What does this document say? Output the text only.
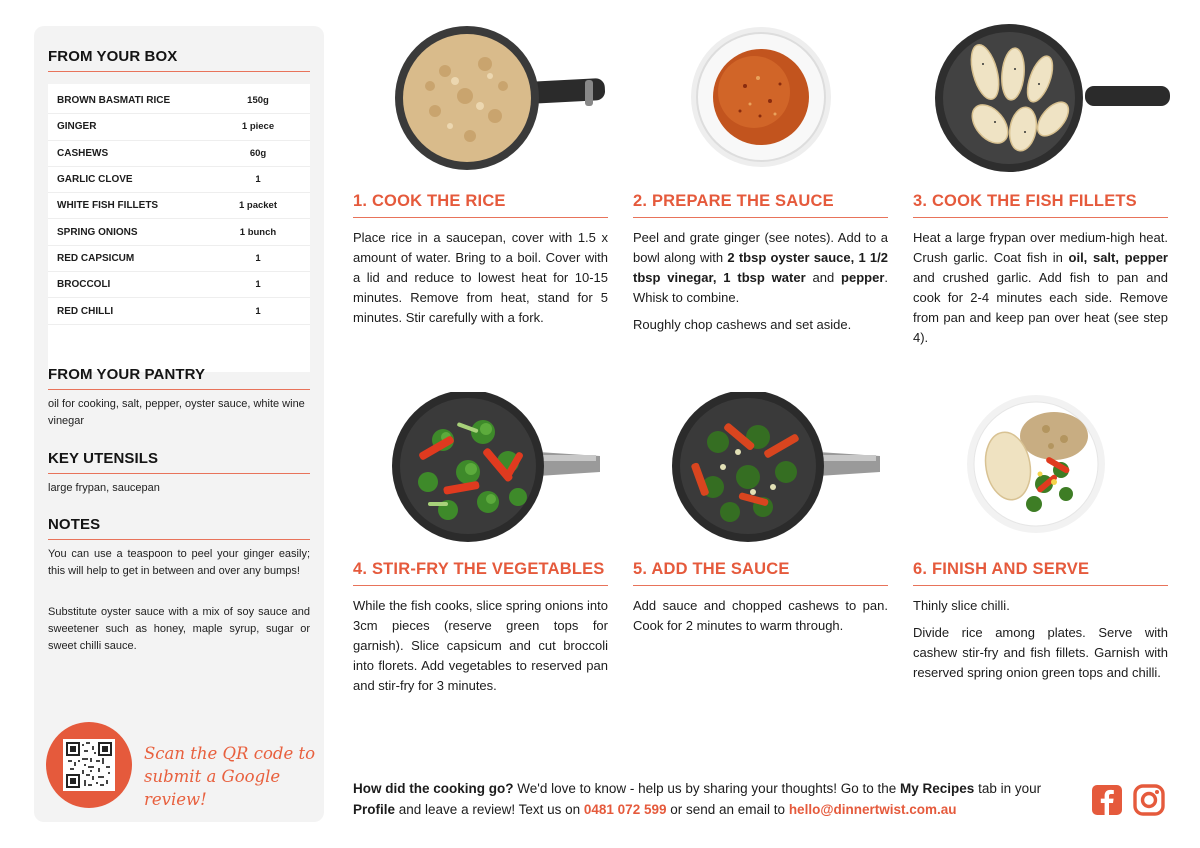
FROM YOUR BOX
BROWN BASMATI RICE	150g
GINGER	1 piece
CASHEWS	60g
GARLIC CLOVE	1
WHITE FISH FILLETS	1 packet
SPRING ONIONS	1 bunch
RED CAPSICUM	1
BROCCOLI	1
RED CHILLI	1
FROM YOUR PANTRY
oil for cooking, salt, pepper, oyster sauce, white wine vinegar
KEY UTENSILS
large frypan, saucepan
NOTES
You can use a teaspoon to peel your ginger easily; this will help to get in between and over any bumps!
Substitute oyster sauce with a mix of soy sauce and sweetener such as honey, maple syrup, sugar or sweet chilli sauce.
Scan the QR code to
submit a Google review!
1. COOK THE RICE	2. PREPARE THE SAUCE	3. COOK THE FISH FILLETS
4. STIR-FRY THE VEGETABLES 5. ADD THE SAUCE	6. FINISH AND SERVE

Place rice in a saucepan, cover with 1.5 x amount of water. Bring to a boil. Cover with a lid and reduce to lowest heat for 10-15 minutes. Remove from heat, stand for 5 minutes. Stir carefully with a fork.

Peel and grate ginger (see notes). Add to a bowl along with 2 tbsp oyster sauce, 1 1/2 tbsp vinegar, 1 tbsp water and pepper. Whisk to combine.

Roughly chop cashews and set aside.

Heat a large frypan over medium-high heat. Crush garlic. Coat fish in oil, salt, pepper and crushed garlic. Add fish to pan and cook for 2-4 minutes each side. Remove from pan and keep pan over heat (see step 4).

While the fish cooks, slice spring onions into 3cm pieces (reserve green tops for garnish). Slice capsicum and cut broccoli into florets. Add vegetables to reserved pan and stir-fry for 3 minutes.

Add sauce and chopped cashews to pan. Cook for 2 minutes to warm through.

Thinly slice chilli.

Divide rice among plates. Serve with cashew stir-fry and fish fillets. Garnish with reserved spring onion green tops and chilli.

How did the cooking go? We'd love to know - help us by sharing your thoughts! Go to the My Recipes tab in your Profile and leave a review! Text us on 0481 072 599 or send an email to hello@dinnertwist.com.au
